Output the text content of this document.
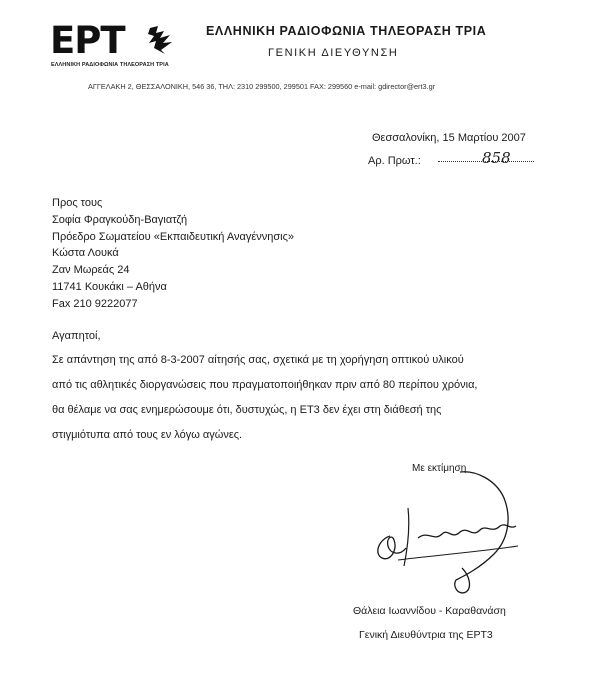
ΕΡΤ
ΕΛΛΗΝΙΚΗ ΡΑΔΙΟΦΩΝΙΑ ΤΗΛΕΟΡΑΣΗ ΤΡΙΑ
ΕΛΛΗΝΙΚΗ ΡΑΔΙΟΦΩΝΙΑ ΤΗΛΕΟΡΑΣΗ ΤΡΙΑ
ΓΕΝΙΚΗ ΔΙΕΥΘΥΝΣΗ
ΑΓΓΕΛΑΚΗ 2, ΘΕΣΣΑΛΟΝΙΚΗ, 546 36, ΤΗΛ: 2310 299500, 299501 FAX: 299560 e-mail: gdirector@ert3.gr
Θεσσαλονίκη, 15 Μαρτίου 2007
Αρ. Πρωτ.:	858
Προς τους
Σοφία Φραγκούδη-Βαγιατζή
Πρόεδρο Σωματείου «Εκπαιδευτική Αναγέννησις»
Κώστα Λουκά
Ζαν Μωρεάς 24
11741 Κουκάκι – Αθήνα
Fax 210 9222077
Αγαπητοί,
Σε απάντηση της από 8-3-2007 αίτησής σας, σχετικά με τη χορήγηση οπτικού υλικού
από τις αθλητικές διοργανώσεις που πραγματοποιήθηκαν πριν από 80 περίπου χρόνια,
θα θέλαμε να σας ενημερώσουμε ότι, δυστυχώς, η ΕΤ3 δεν έχει στη διάθεσή της
στιγμιότυπα από τους εν λόγω αγώνες.
Με εκτίμηση
Θάλεια Ιωαννίδου - Καραθανάση
Γενική Διευθύντρια της ΕΡΤ3
